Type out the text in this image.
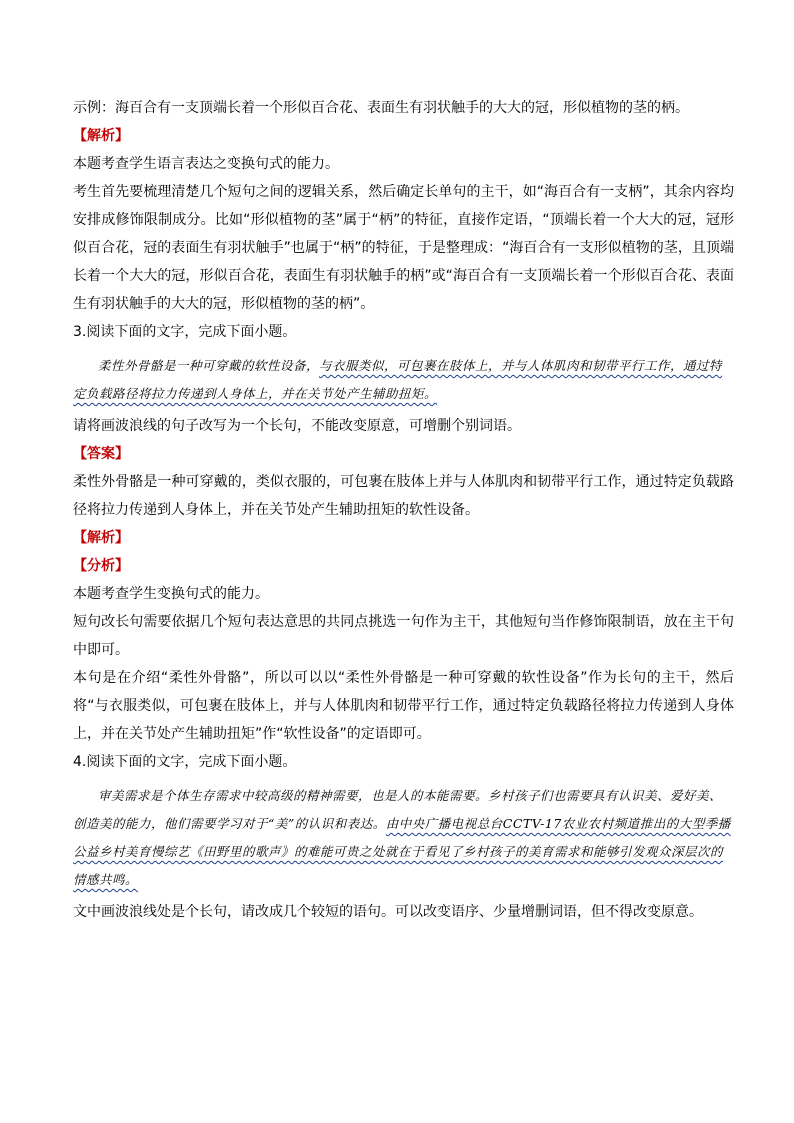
示例：海百合有一支顶端长着一个形似百合花、表面生有羽状触手的大大的冠，形似植物的茎的柄。

【解析】

本题考查学生语言表达之变换句式的能力。

考生首先要梳理清楚几个短句之间的逻辑关系，然后确定长单句的主干，如“海百合有一支柄”，其余内容均安排成修饰限制成分。比如“形似植物的茎”属于“柄”的特征，直接作定语，“顶端长着一个大大的冠，冠形似百合花，冠的表面生有羽状触手”也属于“柄”的特征，于是整理成：“海百合有一支形似植物的茎，且顶端长着一个大大的冠，形似百合花，表面生有羽状触手的柄”或“海百合有一支顶端长着一个形似百合花、表面生有羽状触手的大大的冠，形似植物的茎的柄”。

3.阅读下面的文字，完成下面小题。

柔性外骨骼是一种可穿戴的软性设备，与衣服类似，可包裹在肢体上，并与人体肌肉和韧带平行工作，通过特定负载路径将拉力传递到人身体上，并在关节处产生辅助扭矩。

请将画波浪线的句子改写为一个长句，不能改变原意，可增删个别词语。

【答案】

柔性外骨骼是一种可穿戴的，类似衣服的，可包裹在肢体上并与人体肌肉和韧带平行工作，通过特定负载路径将拉力传递到人身体上，并在关节处产生辅助扭矩的软性设备。

【解析】

【分析】

本题考查学生变换句式的能力。

短句改长句需要依据几个短句表达意思的共同点挑选一句作为主干，其他短句当作修饰限制语，放在主干句中即可。

本句是在介绍“柔性外骨骼”，所以可以以“柔性外骨骼是一种可穿戴的软性设备”作为长句的主干，然后将“与衣服类似，可包裹在肢体上，并与人体肌肉和韧带平行工作，通过特定负载路径将拉力传递到人身体上，并在关节处产生辅助扭矩”作“软性设备”的定语即可。

4.阅读下面的文字，完成下面小题。

审美需求是个体生存需求中较高级的精神需要，也是人的本能需要。乡村孩子们也需要具有认识美、爱好美、创造美的能力，他们需要学习对于“美”的认识和表达。由中央广播电视总台CCTV-17农业农村频道推出的大型季播公益乡村美育慢综艺《田野里的歌声》的难能可贵之处就在于看见了乡村孩子的美育需求和能够引发观众深层次的情感共鸣。

文中画波浪线处是个长句，请改成几个较短的语句。可以改变语序、少量增删词语，但不得改变原意。
